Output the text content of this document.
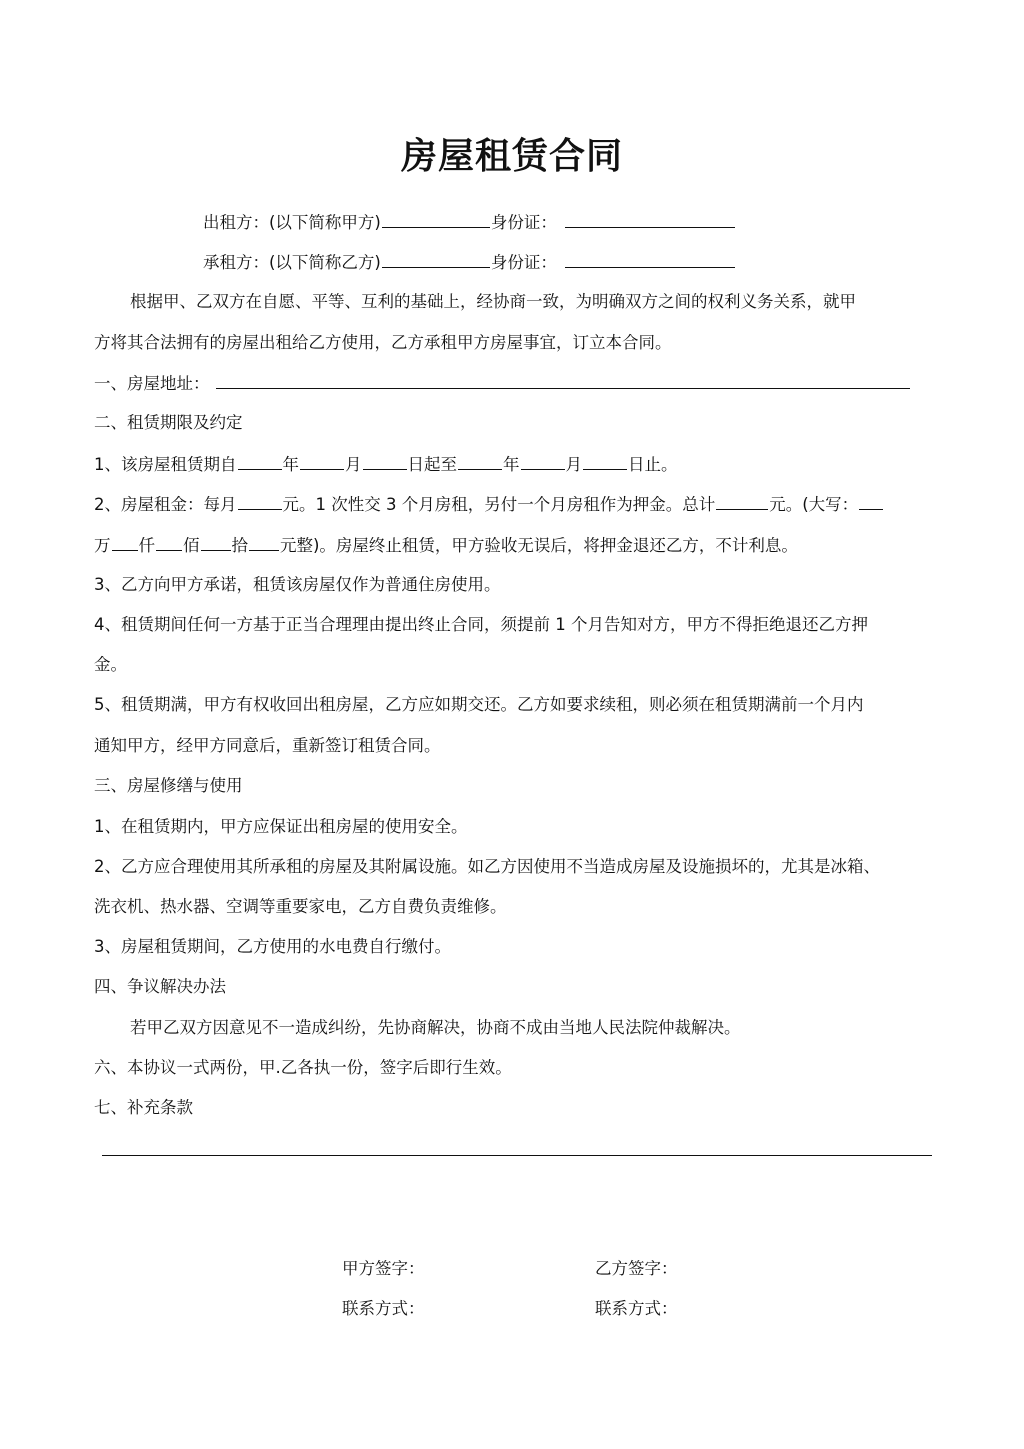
房屋租赁合同
出租方：(以下简称甲方)	身份证：
承租方：(以下简称乙方)	身份证：
根据甲、乙双方在自愿、平等、互利的基础上，经协商一致，为明确双方之间的权利义务关系，就甲
方将其合法拥有的房屋出租给乙方使用，乙方承租甲方房屋事宜，订立本合同。
一、房屋地址：
二、租赁期限及约定
1、该房屋租赁期自	年	月	日起至	年	月	日止。
2、房屋租金：每月	元。1 次性交 3 个月房租，另付一个月房租作为押金。总计	元。(大写：
万 仟 佰 拾 元整)。房屋终止租赁，甲方验收无误后，将押金退还乙方，不计利息。
3、乙方向甲方承诺，租赁该房屋仅作为普通住房使用。
4、租赁期间任何一方基于正当合理理由提出终止合同，须提前 1 个月告知对方，甲方不得拒绝退还乙方押
金。
5、租赁期满，甲方有权收回出租房屋，乙方应如期交还。乙方如要求续租，则必须在租赁期满前一个月内
通知甲方，经甲方同意后，重新签订租赁合同。
三、房屋修缮与使用
1、在租赁期内，甲方应保证出租房屋的使用安全。
2、乙方应合理使用其所承租的房屋及其附属设施。如乙方因使用不当造成房屋及设施损坏的，尤其是冰箱、
洗衣机、热水器、空调等重要家电，乙方自费负责维修。
3、房屋租赁期间，乙方使用的水电费自行缴付。
四、争议解决办法
若甲乙双方因意见不一造成纠纷，先协商解决，协商不成由当地人民法院仲裁解决。
六、本协议一式两份，甲.乙各执一份，签字后即行生效。
七、补充条款
甲方签字：	乙方签字：
联系方式：	联系方式：
